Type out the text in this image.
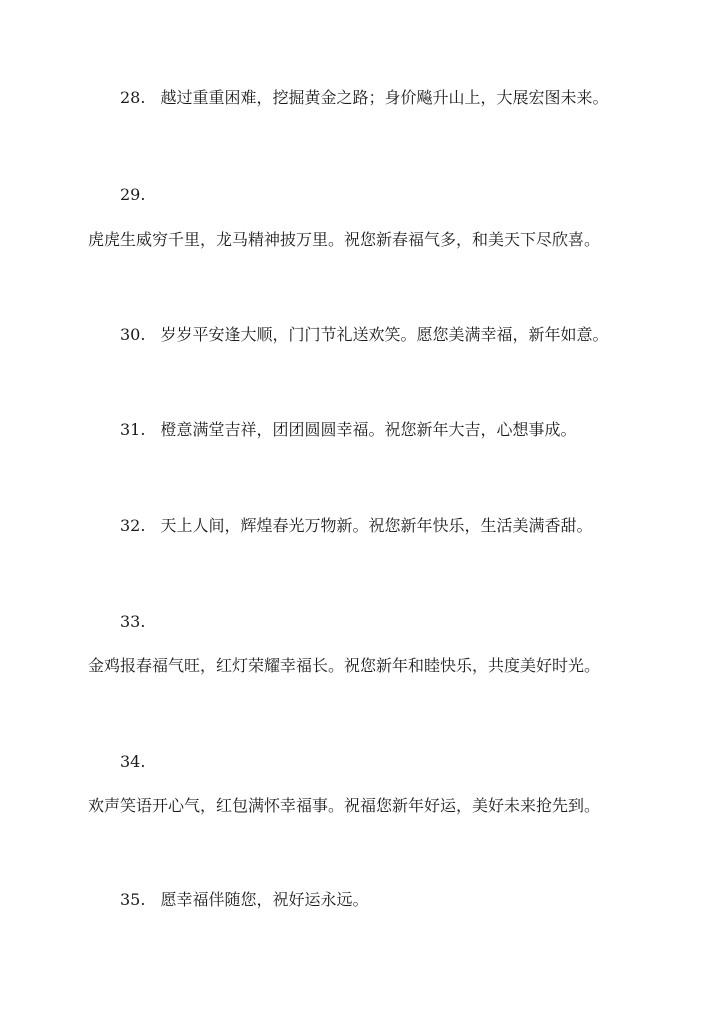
28. 越过重重困难，挖掘黄金之路；身价飚升山上，大展宏图未来。
29.
虎虎生威穷千里，龙马精神披万里。祝您新春福气多，和美天下尽欣喜。
30. 岁岁平安逢大顺，门门节礼送欢笑。愿您美满幸福，新年如意。
31. 橙意满堂吉祥，团团圆圆幸福。祝您新年大吉，心想事成。
32. 天上人间，辉煌春光万物新。祝您新年快乐，生活美满香甜。
33.
金鸡报春福气旺，红灯荣耀幸福长。祝您新年和睦快乐，共度美好时光。
34.
欢声笑语开心气，红包满怀幸福事。祝福您新年好运，美好未来抢先到。
35. 愿幸福伴随您，祝好运永远。
